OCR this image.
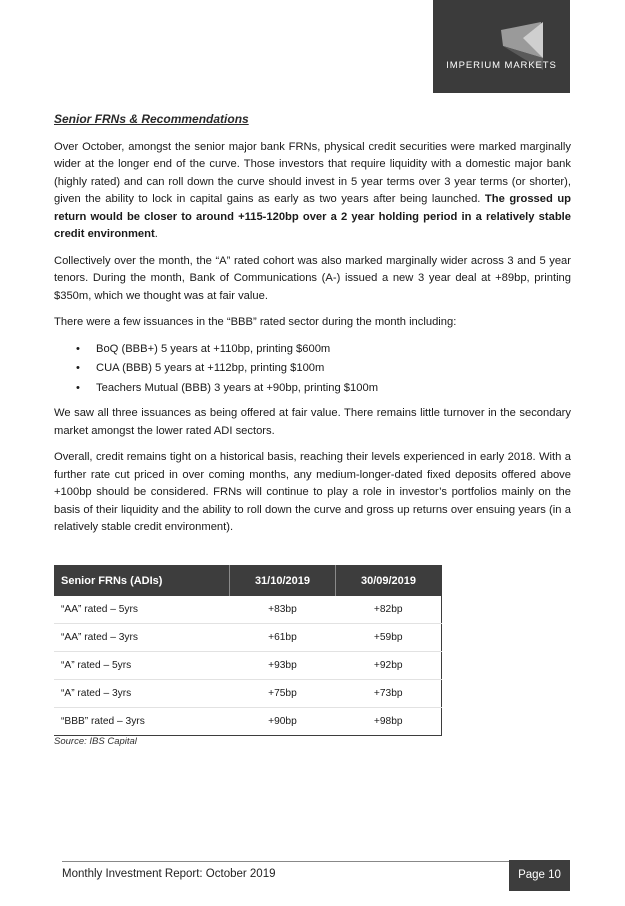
IMPERIUM MARKETS
Senior FRNs & Recommendations

Over October, amongst the senior major bank FRNs, physical credit securities were marked marginally wider at the longer end of the curve. Those investors that require liquidity with a domestic major bank (highly rated) and can roll down the curve should invest in 5 year terms over 3 year terms (or shorter), given the ability to lock in capital gains as early as two years after being launched. The grossed up return would be closer to around +115-120bp over a 2 year holding period in a relatively stable credit environment.

Collectively over the month, the “A” rated cohort was also marked marginally wider across 3 and 5 year tenors. During the month, Bank of Communications (A-) issued a new 3 year deal at +89bp, printing $350m, which we thought was at fair value.

There were a few issuances in the “BBB” rated sector during the month including:

• BoQ (BBB+) 5 years at +110bp, printing $600m
• CUA (BBB) 5 years at +112bp, printing $100m
• Teachers Mutual (BBB) 3 years at +90bp, printing $100m

We saw all three issuances as being offered at fair value. There remains little turnover in the secondary market amongst the lower rated ADI sectors.

Overall, credit remains tight on a historical basis, reaching their levels experienced in early 2018. With a further rate cut priced in over coming months, any medium-longer-dated fixed deposits offered above +100bp should be considered. FRNs will continue to play a role in investor’s portfolios mainly on the basis of their liquidity and the ability to roll down the curve and gross up returns over ensuing years (in a relatively stable credit environment).

Senior FRNs (ADIs)	31/10/2019	30/09/2019
“AA” rated – 5yrs	+83bp	+82bp
“AA” rated – 3yrs	+61bp	+59bp
“A” rated – 5yrs	+93bp	+92bp
“A” rated – 3yrs	+75bp	+73bp
“BBB” rated – 3yrs	+90bp	+98bp
Source: IBS Capital
Monthly Investment Report: October 2019	Page 10
